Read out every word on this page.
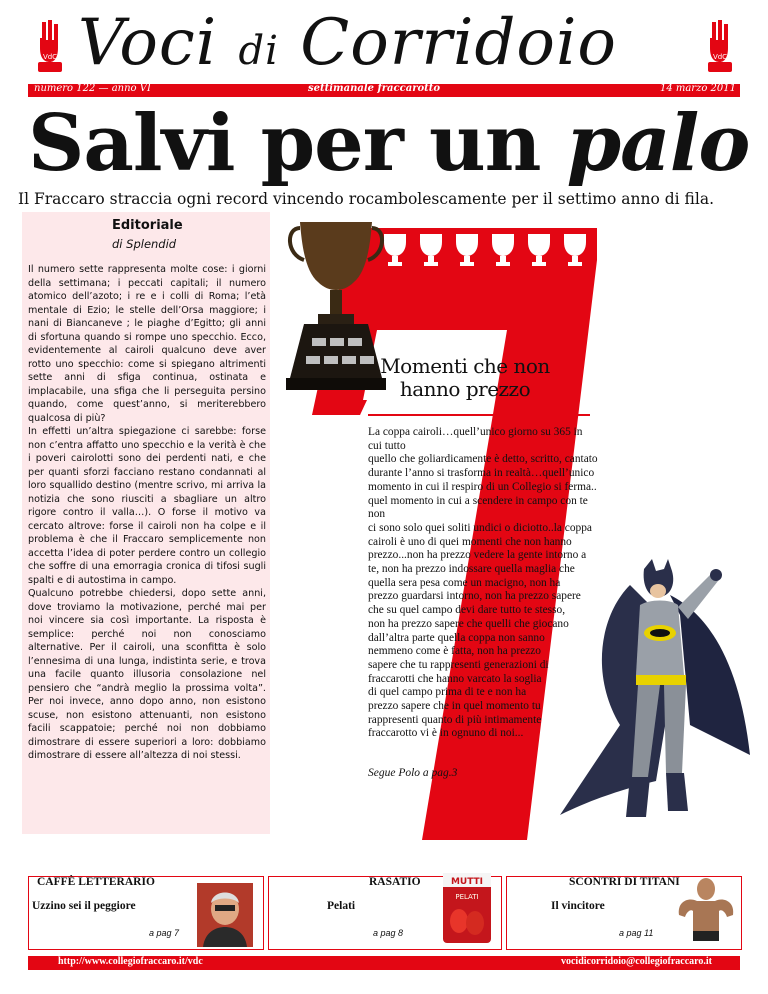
VdC	VdC
Voci di Corridoio
numero 122 — anno VI	settimanale fraccarotto	14 marzo 2011
Salvi per un palo
Il Fraccaro straccia ogni record vincendo rocambolescamente per il settimo anno di fila.
Editoriale
di Splendid
Il numero sette rappresenta molte cose: i giorni della settimana; i peccati capitali; il numero atomico dell’azoto; i re e i colli di Roma; l’età mentale di Ezio; le stelle dell’Orsa maggiore; i nani di Biancaneve ; le piaghe d’Egitto; gli anni di sfortuna quando si rompe uno specchio. Ecco, evidentemente al cairoli qualcuno deve aver rotto uno specchio: come si spiegano altrimenti sette anni di sfiga continua, ostinata e implacabile, una sfiga che li perseguita persino quando, come quest’anno, si meriterebbero qualcosa di più?
In effetti un’altra spiegazione ci sarebbe: forse non c’entra affatto uno specchio e la verità è che i poveri cairolotti sono dei perdenti nati, e che per quanti sforzi facciano restano condannati al loro squallido destino (mentre scrivo, mi arriva la notizia che sono riusciti a sbagliare un altro rigore contro il valla…). O forse il motivo va cercato altrove: forse il cairoli non ha colpe e il problema è che il Fraccaro semplicemente non accetta l’idea di poter perdere contro un collegio che soffre di una emorragia cronica di tifosi sugli spalti e di autostima in campo.
Qualcuno potrebbe chiedersi, dopo sette anni, dove troviamo la motivazione, perché mai per noi vincere sia così importante. La risposta è semplice: perché noi non conosciamo alternative. Per il cairoli, una sconfitta è solo l’ennesima di una lunga, indistinta serie, e trova una facile quanto illusoria consolazione nel pensiero che “andrà meglio la prossima volta”. Per noi invece, anno dopo anno, non esistono scuse, non esistono attenuanti, non esistono facili scappatoie; perché noi non dobbiamo dimostrare di essere superiori a loro: dobbiamo dimostrare di essere all’altezza di noi stessi.
Momenti che non
hanno prezzo

La coppa cairoli…quell’unico giorno su 365 in cui tutto

quello che goliardicamente è detto, scritto, cantato

durante l’anno si trasforma in realtà…quell’unico

momento in cui il respiro di un Collegio si ferma..

quel momento in cui a scendere in campo con te non

ci sono solo quei soliti undici o diciotto..la coppa

cairoli è uno di quei momenti che non hanno

prezzo...non ha prezzo vedere la gente intorno a

te, non ha prezzo indossare quella maglia che

quella sera pesa come un macigno, non ha

prezzo guardarsi intorno, non ha prezzo sapere

che su quel campo devi dare tutto te stesso,

non ha prezzo sapere che quelli che giocano

dall’altra parte quella coppa non sanno

nemmeno come è fatta, non ha prezzo

sapere che tu rappresenti generazioni di

fraccarotti che hanno varcato la soglia

di quel campo prima di te e non ha

prezzo sapere che in quel momento tu

rappresenti quanto di più intimamente

fraccarotto vi è in ognuno di noi...

Segue Polo a pag.3
CAFFÈ LETTERARIO
Uzzino sei il peggiore
a pag 7
RASATIO
Pelati
a pag 8
MUTTI
PELATI
SCONTRI DI TITANI
Il vincitore
a pag 11
http://www.collegiofraccaro.it/vdc	vocidicorridoio@collegiofraccaro.it
